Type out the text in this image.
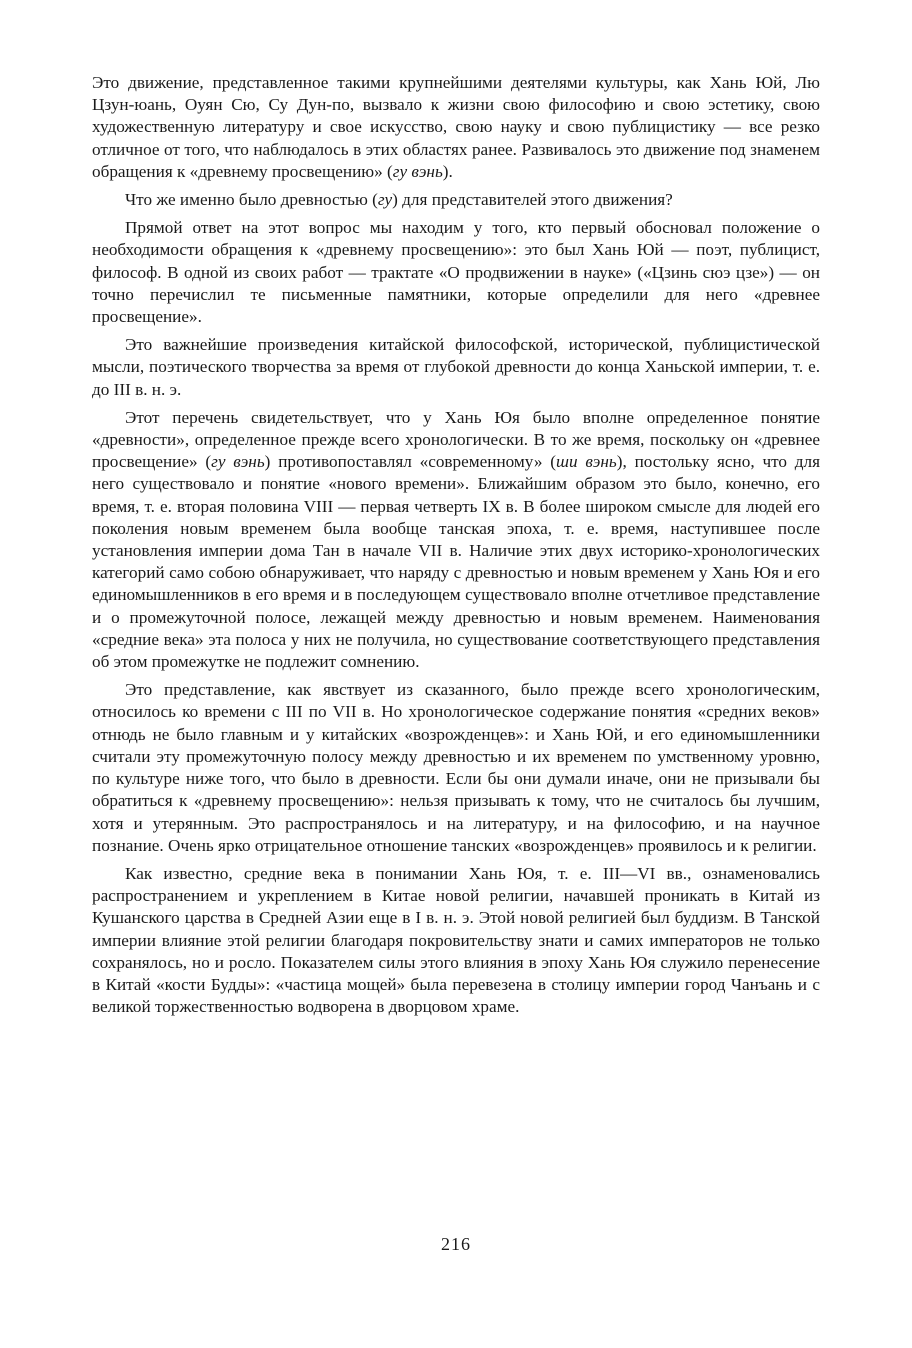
Это движение, представленное такими крупнейшими деятелями культуры, как Хань Юй, Лю Цзун-юань, Оуян Сю, Су Дун-по, вызвало к жизни свою философию и свою эстетику, свою художественную литературу и свое искусство, свою науку и свою публицистику — все резко отличное от того, что наблюдалось в этих областях ранее. Развивалось это движение под знаменем обращения к «древнему просвещению» (гу вэнь).

Что же именно было древностью (гу) для представителей этого движения?

Прямой ответ на этот вопрос мы находим у того, кто первый обосновал положение о необходимости обращения к «древнему просвещению»: это был Хань Юй — поэт, публицист, философ. В одной из своих работ — трактате «О продвижении в науке» («Цзинь сюэ цзе») — он точно перечислил те письменные памятники, которые определили для него «древнее просвещение».

Это важнейшие произведения китайской философской, исторической, публицистической мысли, поэтического творчества за время от глубокой древности до конца Ханьской империи, т. е. до III в. н. э.

Этот перечень свидетельствует, что у Хань Юя было вполне определенное понятие «древности», определенное прежде всего хронологически. В то же время, поскольку он «древнее просвещение» (гу вэнь) противопоставлял «современному» (ши вэнь), постольку ясно, что для него существовало и понятие «нового времени». Ближайшим образом это было, конечно, его время, т. е. вторая половина VIII — первая четверть IX в. В более широком смысле для людей его поколения новым временем была вообще танская эпоха, т. е. время, наступившее после установления империи дома Тан в начале VII в. Наличие этих двух историко-хронологических категорий само собою обнаруживает, что наряду с древностью и новым временем у Хань Юя и его единомышленников в его время и в последующем существовало вполне отчетливое представление и о промежуточной полосе, лежащей между древностью и новым временем. Наименования «средние века» эта полоса у них не получила, но существование соответствующего представления об этом промежутке не подлежит сомнению.

Это представление, как явствует из сказанного, было прежде всего хронологическим, относилось ко времени с III по VII в. Но хронологическое содержание понятия «средних веков» отнюдь не было главным и у китайских «возрожденцев»: и Хань Юй, и его единомышленники считали эту промежуточную полосу между древностью и их временем по умственному уровню, по культуре ниже того, что было в древности. Если бы они думали иначе, они не призывали бы обратиться к «древнему просвещению»: нельзя призывать к тому, что не считалось бы лучшим, хотя и утерянным. Это распространялось и на литературу, и на философию, и на научное познание. Очень ярко отрицательное отношение танских «возрожденцев» проявилось и к религии.

Как известно, средние века в понимании Хань Юя, т. е. III—VI вв., ознаменовались распространением и укреплением в Китае новой религии, начавшей проникать в Китай из Кушанского царства в Средней Азии еще в I в. н. э. Этой новой религией был буддизм. В Танской империи влияние этой религии благодаря покровительству знати и самих императоров не только сохранялось, но и росло. Показателем силы этого влияния в эпоху Хань Юя служило перенесение в Китай «кости Будды»: «частица мощей» была перевезена в столицу империи город Чанъань и с великой торжественностью водворена в дворцовом храме.

216
